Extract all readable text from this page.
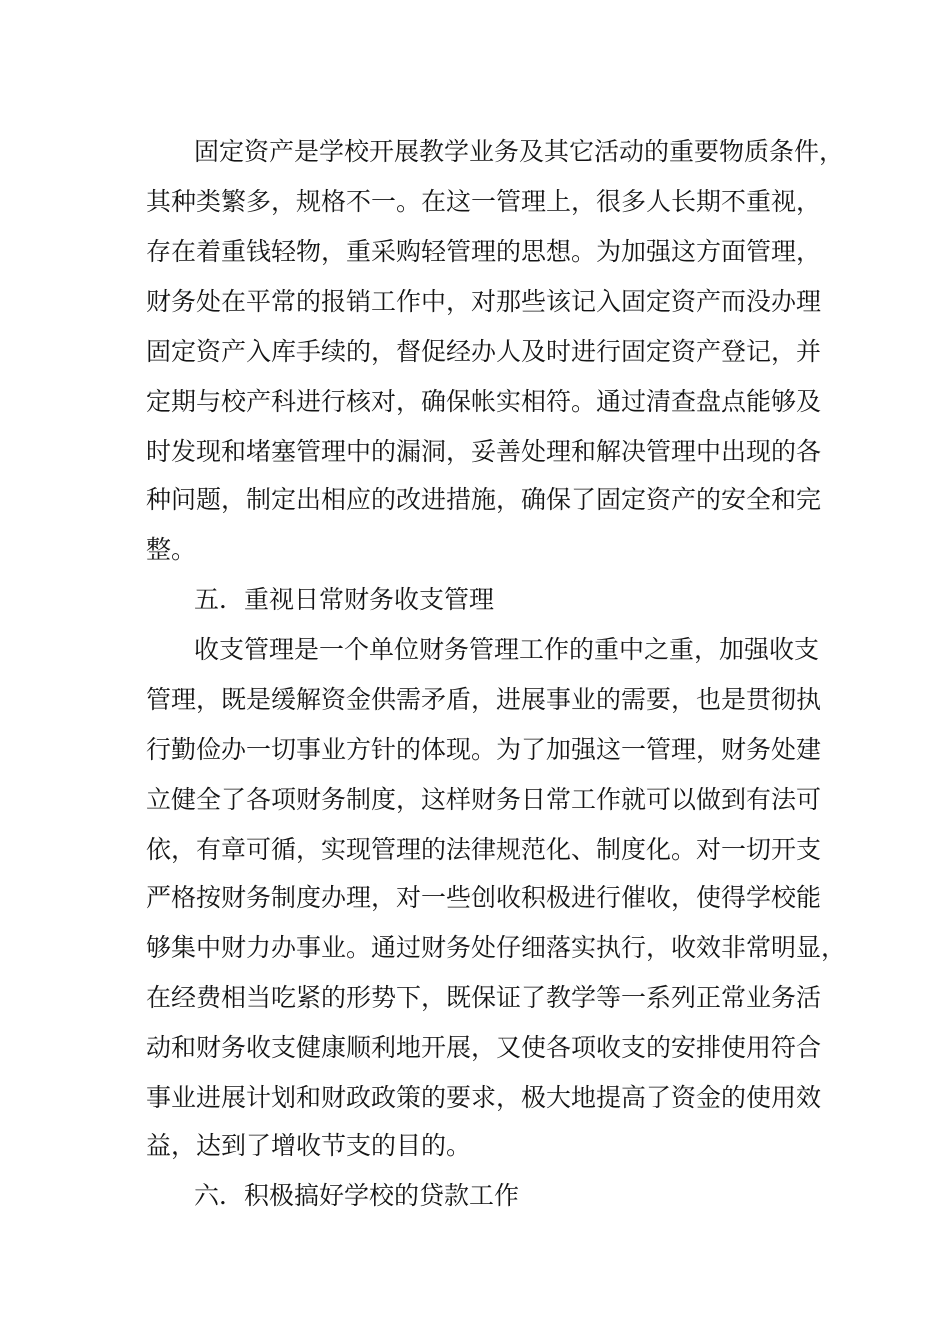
固定资产是学校开展教学业务及其它活动的重要物质条件，

其种类繁多，规格不一。在这一管理上，很多人长期不重视，

存在着重钱轻物，重采购轻管理的思想。为加强这方面管理，

财务处在平常的报销工作中，对那些该记入固定资产而没办理

固定资产入库手续的，督促经办人及时进行固定资产登记，并

定期与校产科进行核对，确保帐实相符。通过清查盘点能够及

时发现和堵塞管理中的漏洞，妥善处理和解决管理中出现的各

种问题，制定出相应的改进措施，确保了固定资产的安全和完

整。

五．重视日常财务收支管理

收支管理是一个单位财务管理工作的重中之重，加强收支

管理，既是缓解资金供需矛盾，进展事业的需要，也是贯彻执

行勤俭办一切事业方针的体现。为了加强这一管理，财务处建

立健全了各项财务制度，这样财务日常工作就可以做到有法可

依，有章可循，实现管理的法律规范化、制度化。对一切开支

严格按财务制度办理，对一些创收积极进行催收，使得学校能

够集中财力办事业。通过财务处仔细落实执行，收效非常明显，

在经费相当吃紧的形势下，既保证了教学等一系列正常业务活

动和财务收支健康顺利地开展，又使各项收支的安排使用符合

事业进展计划和财政政策的要求，极大地提高了资金的使用效

益，达到了增收节支的目的。

六．积极搞好学校的贷款工作
